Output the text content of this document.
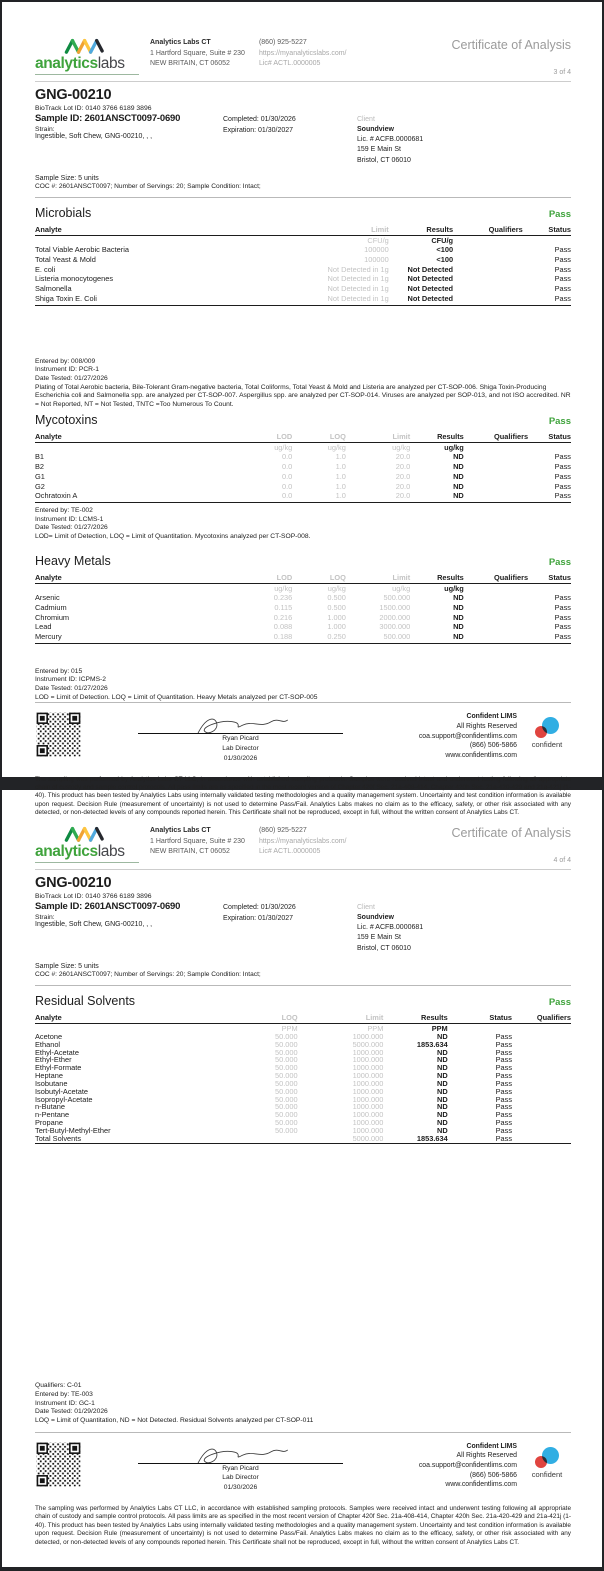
analyticslabs
Analytics Labs CT
1 Hartford Square, Suite # 230
NEW BRITAIN, CT 06052
(860) 925-5227
https://myanalyticslabs.com/
Lic# ACTL.0000005
Certificate of Analysis
3 of 4
GNG-00210
BioTrack Lot ID: 0140 3766 6189 3896
Sample ID: 2601ANSCT0097-0690
Strain:
Ingestible, Soft Chew, GNG-00210, , ,
Completed: 01/30/2026
Expiration: 01/30/2027
Client
Soundview
Lic. # ACFB.0000681
159 E Main St
Bristol, CT 06010
Sample Size: 5 units
COC #: 2601ANSCT0097; Number of Servings: 20; Sample Condition: Intact;
Microbials	Pass
Analyte	Limit	Results	Qualifiers	Status
	CFU/g	CFU/g		
Total Viable Aerobic Bacteria	100000	<100		Pass
Total Yeast & Mold	100000	<100		Pass
E. coli	Not Detected in 1g	Not Detected		Pass
Listeria monocytogenes	Not Detected in 1g	Not Detected		Pass
Salmonella	Not Detected in 1g	Not Detected		Pass
Shiga Toxin E. Coli	Not Detected in 1g	Not Detected		Pass
Entered by: 008/009
Instrument ID: PCR-1
Date Tested: 01/27/2026
Plating of Total Aerobic bacteria, Bile-Tolerant Gram-negative bacteria, Total Coliforms, Total Yeast & Mold and Listeria are analyzed per CT-SOP-006. Shiga Toxin-Producing Escherichia coli and Salmonella spp. are analyzed per CT-SOP-007. Aspergillus spp. are analyzed per CT-SOP-014. Viruses are analyzed per SOP-013, and not ISO accredited. NR = Not Reported, NT = Not Tested, TNTC =Too Numerous To Count.
Mycotoxins	Pass
Analyte	LOD	LOQ	Limit	Results	Qualifiers	Status
	ug/kg	ug/kg	ug/kg	ug/kg		
B1	0.0	1.0	20.0	ND		Pass
B2	0.0	1.0	20.0	ND		Pass
G1	0.0	1.0	20.0	ND		Pass
G2	0.0	1.0	20.0	ND		Pass
Ochratoxin A	0.0	1.0	20.0	ND		Pass
Entered by: TE-002
Instrument ID: LCMS-1
Date Tested: 01/27/2026
LOD= Limit of Detection, LOQ = Limit of Quantitation. Mycotoxins analyzed per CT-SOP-008.
Heavy Metals	Pass
Analyte	LOD	LOQ	Limit	Results	Qualifiers	Status
	ug/kg	ug/kg	ug/kg	ug/kg		
Arsenic	0.236	0.500	500.000	ND		Pass
Cadmium	0.115	0.500	1500.000	ND		Pass
Chromium	0.216	1.000	2000.000	ND		Pass
Lead	0.088	1.000	3000.000	ND		Pass
Mercury	0.188	0.250	500.000	ND		Pass
Entered by: 015
Instrument ID: ICPMS-2
Date Tested: 01/27/2026
LOD = Limit of Detection. LOQ = Limit of Quantitation. Heavy Metals analyzed per CT-SOP-005
Ryan Picard
Lab Director
01/30/2026
Confident LIMS
All Rights Reserved
coa.support@confidentlims.com
(866) 506-5866
www.confidentlims.com
confident
The sampling was performed by Analytics Labs CT LLC, in accordance with established sampling protocols. Samples were received intact and underwent testing following all appropriate chain of custody and sample control protocols. All pass limits are as specified in the most recent version of Chapter 420f Sec. 21a-408-414, Chapter 420h Sec. 21a-420-429 and 21a-421j (1-40). This product has been tested by Analytics Labs using internally validated testing methodologies and a quality management system. Uncertainty and test condition information is available upon request. Decision Rule (measurement of uncertainty) is not used to determine Pass/Fail. Analytics Labs makes no claim as to the efficacy, safety, or other risk associated with any detected, or non-detected levels of any compounds reported herein. This Certificate shall not be reproduced, except in full, without the written consent of Analytics Labs CT.
analyticslabs
Analytics Labs CT
1 Hartford Square, Suite # 230
NEW BRITAIN, CT 06052
(860) 925-5227
https://myanalyticslabs.com/
Lic# ACTL.0000005
Certificate of Analysis
4 of 4
GNG-00210
BioTrack Lot ID: 0140 3766 6189 3896
Sample ID: 2601ANSCT0097-0690
Strain:
Ingestible, Soft Chew, GNG-00210, , ,
Completed: 01/30/2026
Expiration: 01/30/2027
Client
Soundview
Lic. # ACFB.0000681
159 E Main St
Bristol, CT 06010
Sample Size: 5 units
COC #: 2601ANSCT0097; Number of Servings: 20; Sample Condition: Intact;
Residual Solvents	Pass
Analyte	LOQ	Limit	Results	Status	Qualifiers
	PPM	PPM	PPM		
Acetone	50.000	1000.000	ND	Pass	
Ethanol	50.000	5000.000	1853.634	Pass	
Ethyl-Acetate	50.000	1000.000	ND	Pass	
Ethyl-Ether	50.000	1000.000	ND	Pass	
Ethyl-Formate	50.000	1000.000	ND	Pass	
Heptane	50.000	1000.000	ND	Pass	
Isobutane	50.000	1000.000	ND	Pass	
Isobutyl-Acetate	50.000	1000.000	ND	Pass	
Isopropyl-Acetate	50.000	1000.000	ND	Pass	
n-Butane	50.000	1000.000	ND	Pass	
n-Pentane	50.000	1000.000	ND	Pass	
Propane	50.000	1000.000	ND	Pass	
Tert-Butyl-Methyl-Ether	50.000	1000.000	ND	Pass	
Total Solvents		5000.000	1853.634	Pass	
Qualifiers: C-01
Entered by: TE-003
Instrument ID: GC-1
Date Tested: 01/29/2026
LOQ = Limit of Quantitation, ND = Not Detected. Residual Solvents analyzed per CT-SOP-011
Ryan Picard
Lab Director
01/30/2026
Confident LIMS
All Rights Reserved
coa.support@confidentlims.com
(866) 506-5866
www.confidentlims.com
confident
The sampling was performed by Analytics Labs CT LLC, in accordance with established sampling protocols. Samples were received intact and underwent testing following all appropriate chain of custody and sample control protocols. All pass limits are as specified in the most recent version of Chapter 420f Sec. 21a-408-414, Chapter 420h Sec. 21a-420-429 and 21a-421j (1-40). This product has been tested by Analytics Labs using internally validated testing methodologies and a quality management system. Uncertainty and test condition information is available upon request. Decision Rule (measurement of uncertainty) is not used to determine Pass/Fail. Analytics Labs makes no claim as to the efficacy, safety, or other risk associated with any detected, or non-detected levels of any compounds reported herein. This Certificate shall not be reproduced, except in full, without the written consent of Analytics Labs CT.
